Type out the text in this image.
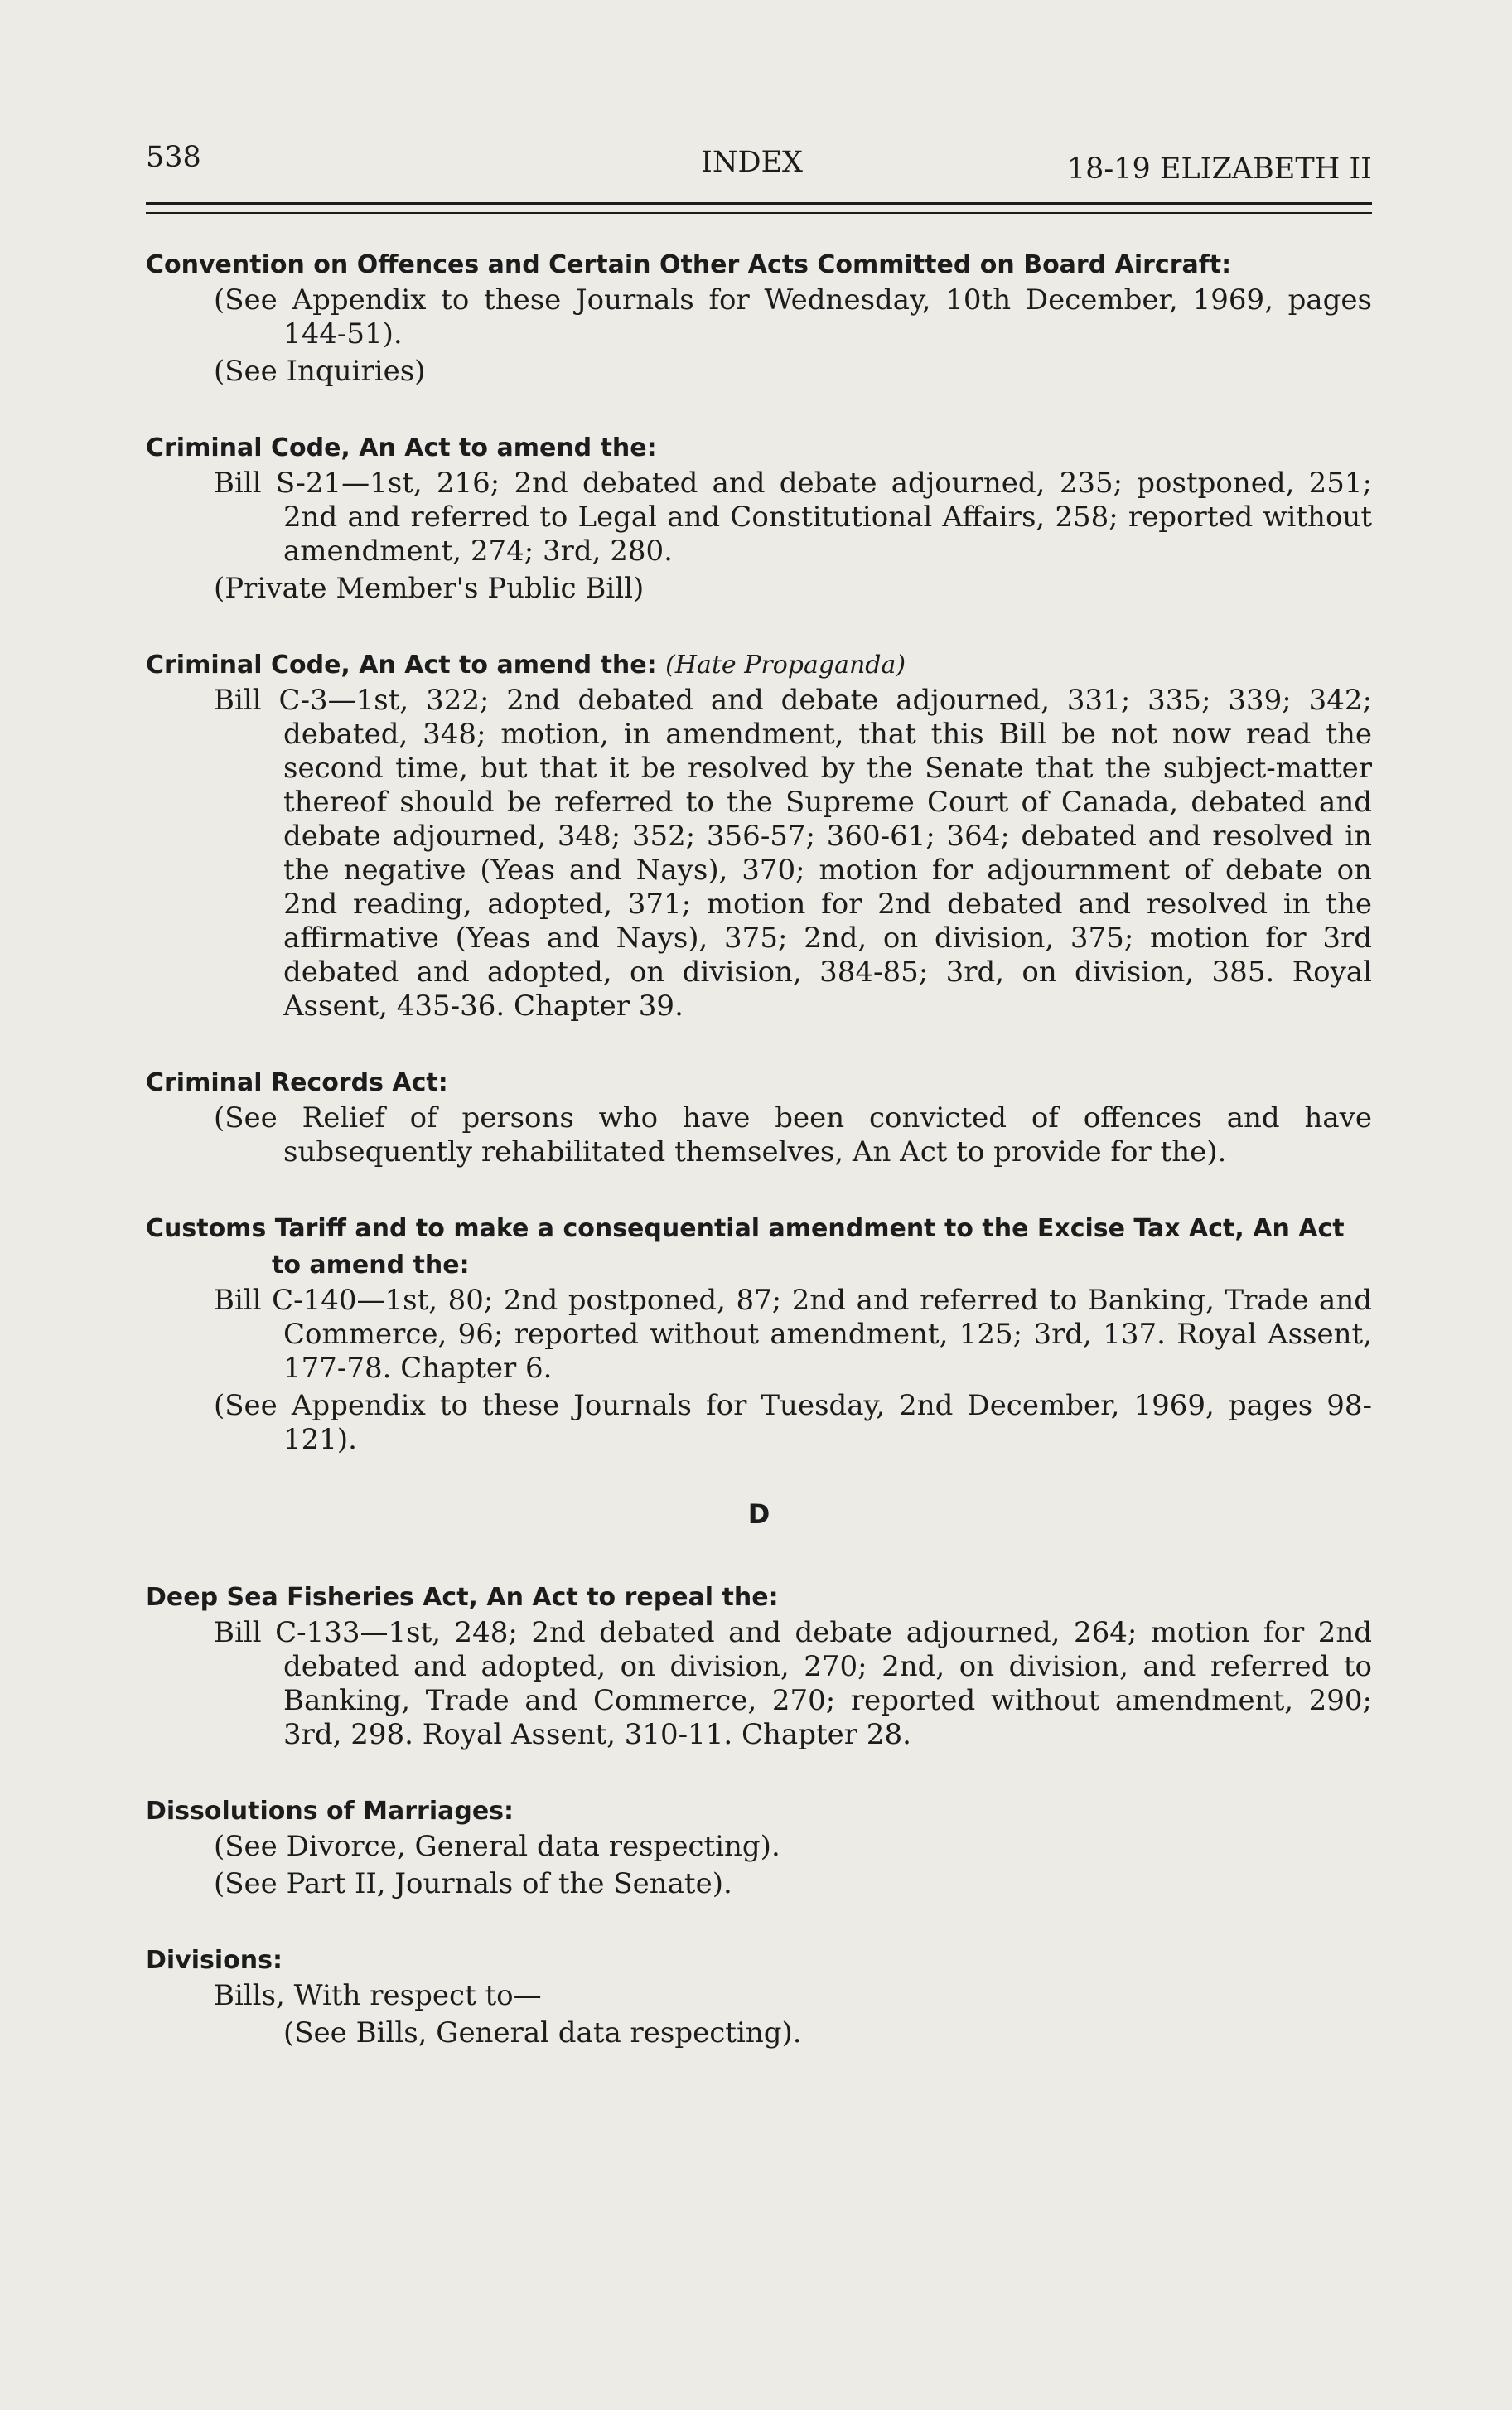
538	INDEX	18-19 ELIZABETH II
Convention on Offences and Certain Other Acts Committed on Board Aircraft:
(See Appendix to these Journals for Wednesday, 10th December, 1969, pages 144-51).
(See Inquiries)
Criminal Code, An Act to amend the:
Bill S-21—1st, 216; 2nd debated and debate adjourned, 235; postponed, 251; 2nd and referred to Legal and Constitutional Affairs, 258; reported without amendment, 274; 3rd, 280.
(Private Member's Public Bill)
Criminal Code, An Act to amend the: (Hate Propaganda)
Bill C-3—1st, 322; 2nd debated and debate adjourned, 331; 335; 339; 342; debated, 348; motion, in amendment, that this Bill be not now read the second time, but that it be resolved by the Senate that the subject-matter thereof should be referred to the Supreme Court of Canada, debated and debate adjourned, 348; 352; 356-57; 360-61; 364; debated and resolved in the negative (Yeas and Nays), 370; motion for adjournment of debate on 2nd reading, adopted, 371; motion for 2nd debated and resolved in the affirmative (Yeas and Nays), 375; 2nd, on division, 375; motion for 3rd debated and adopted, on division, 384-85; 3rd, on division, 385. Royal Assent, 435-36. Chapter 39.
Criminal Records Act:
(See Relief of persons who have been convicted of offences and have subsequently rehabilitated themselves, An Act to provide for the).
Customs Tariff and to make a consequential amendment to the Excise Tax Act, An Act to amend the:
Bill C-140—1st, 80; 2nd postponed, 87; 2nd and referred to Banking, Trade and Commerce, 96; reported without amendment, 125; 3rd, 137. Royal Assent, 177-78. Chapter 6.
(See Appendix to these Journals for Tuesday, 2nd December, 1969, pages 98-121).
D
Deep Sea Fisheries Act, An Act to repeal the:
Bill C-133—1st, 248; 2nd debated and debate adjourned, 264; motion for 2nd debated and adopted, on division, 270; 2nd, on division, and referred to Banking, Trade and Commerce, 270; reported without amendment, 290; 3rd, 298. Royal Assent, 310-11. Chapter 28.
Dissolutions of Marriages:
(See Divorce, General data respecting).
(See Part II, Journals of the Senate).
Divisions:
Bills, With respect to—
(See Bills, General data respecting).
